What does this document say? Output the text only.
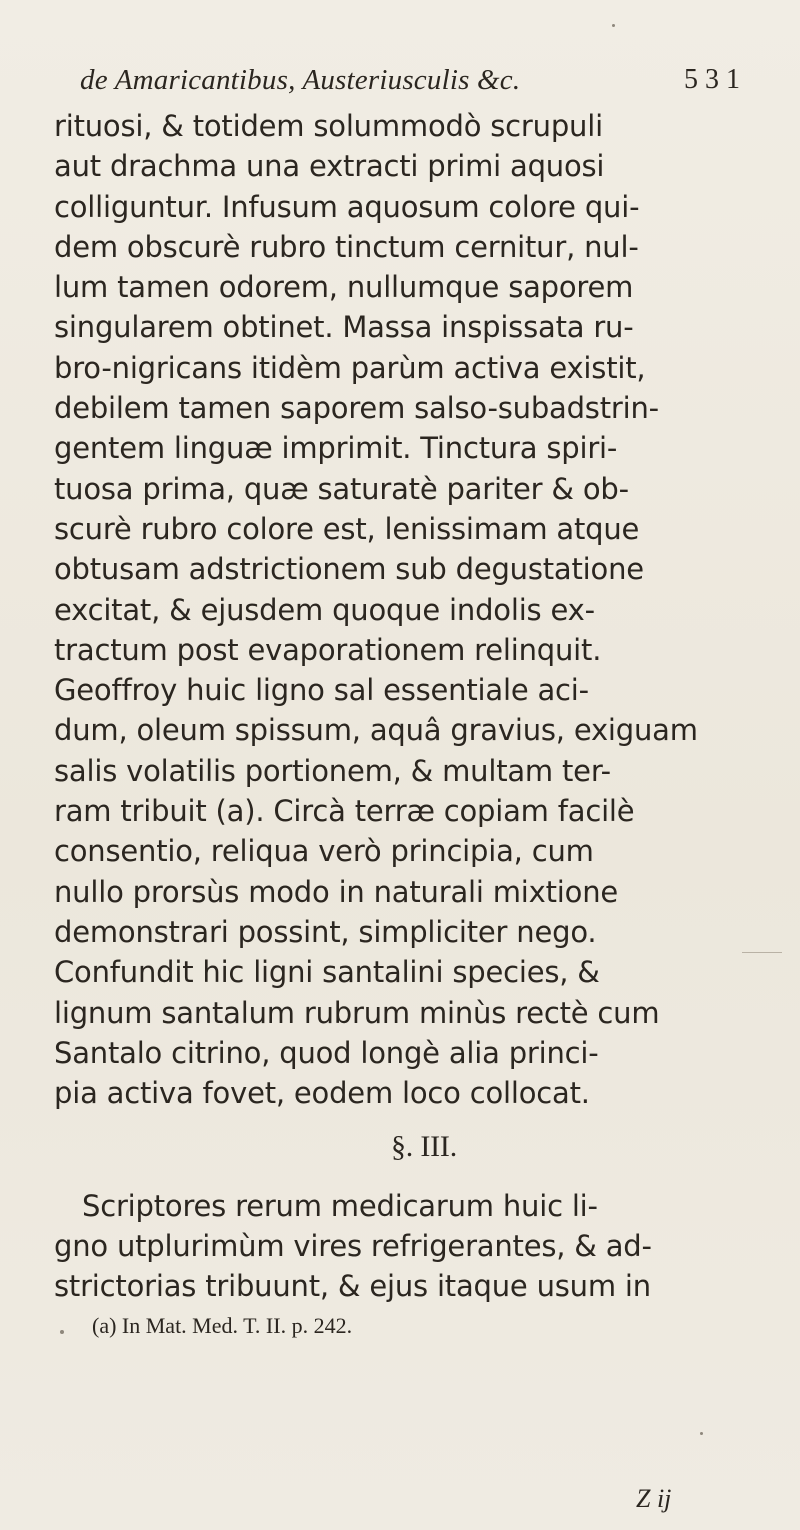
de Amaricantibus, Austeriusculis &c.	5 3 1
rituosi, & totidem solummodò scrupuli
aut drachma una extracti primi aquosi
colliguntur. Infusum aquosum colore qui-
dem obscurè rubro tinctum cernitur, nul-
lum tamen odorem, nullumque saporem
singularem obtinet. Massa inspissata ru-
bro-nigricans itidèm parùm activa existit,
debilem tamen saporem salso-subadstrin-
gentem linguæ imprimit. Tinctura spiri-
tuosa prima, quæ saturatè pariter & ob-
scurè rubro colore est, lenissimam atque
obtusam adstrictionem sub degustatione
excitat, & ejusdem quoque indolis ex-
tractum post evaporationem relinquit.
Geoffroy huic ligno sal essentiale aci-
dum, oleum spissum, aquâ gravius, exiguam
salis volatilis portionem, & multam ter-
ram tribuit (a). Circà terræ copiam facilè
consentio, reliqua verò principia, cum
nullo prorsùs modo in naturali mixtione
demonstrari possint, simpliciter nego.
Confundit hic ligni santalini species, &
lignum santalum rubrum minùs rectè cum
Santalo citrino, quod longè alia princi-
pia activa fovet, eodem loco collocat.
§. III.
Scriptores rerum medicarum huic li-
gno utplurimùm vires refrigerantes, & ad-
strictorias tribuunt, & ejus itaque usum in
(a) In Mat. Med. T. II. p. 242.
Z ij
